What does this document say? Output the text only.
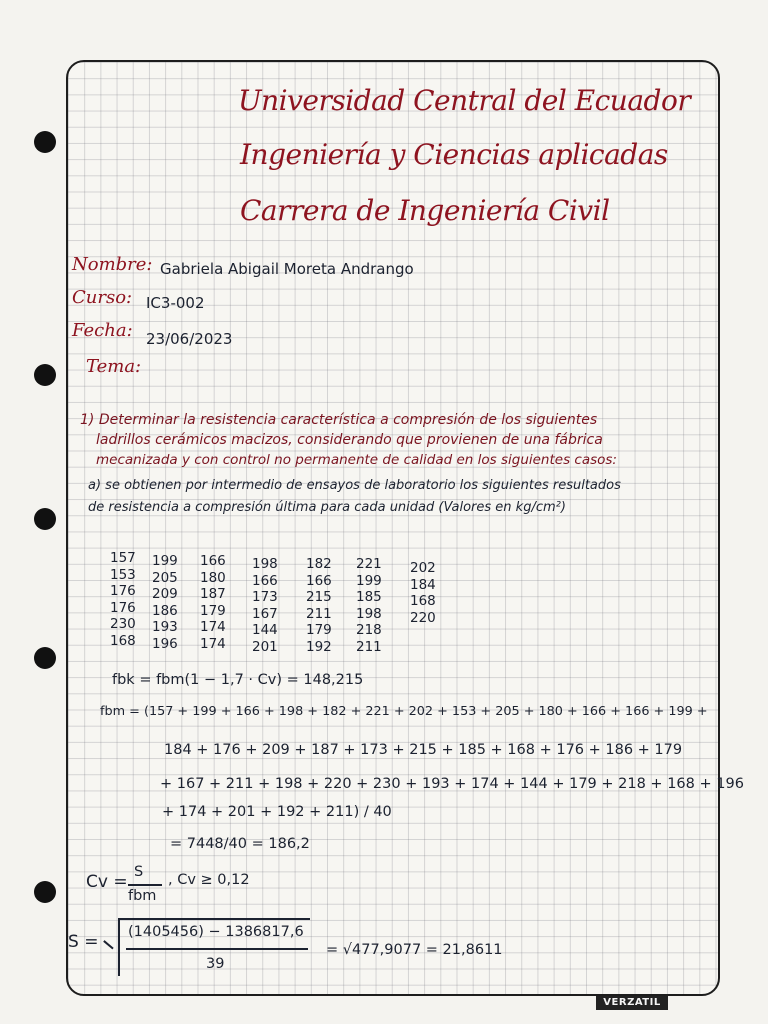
Universidad Central del Ecuador
Ingeniería y Ciencias aplicadas
Carrera de Ingeniería Civil
Nombre: Gabriela Abigail Moreta Andrango
Curso: IC3-002
Fecha: 23/06/2023
Tema:
1) Determinar la resistencia característica a compresión de los siguientes
ladrillos cerámicos macizos, considerando que provienen de una fábrica
mecanizada y con control no permanente de calidad en los siguientes casos:
a) se obtienen por intermedio de ensayos de laboratorio los siguientes resultados
de resistencia a compresión última para cada unidad (Valores en kg/cm²)
157
153
176
176
230
168
199
205
209
186
193
196
166
180
187
179
174
174
198
166
173
167
144
201
182
166
215
211
179
192
221
199
185
198
218
211
202
184
168
220
fbk = fbm(1 − 1,7 · Cv) = 148,215
fbm = (157 + 199 + 166 + 198 + 182 + 221 + 202 + 153 + 205 + 180 + 166 + 166 + 199 +
184 + 176 + 209 + 187 + 173 + 215 + 185 + 168 + 176 + 186 + 179
+ 167 + 211 + 198 + 220 + 230 + 193 + 174 + 144 + 179 + 218 + 168 + 196
+ 174 + 201 + 192 + 211) / 40
= 7448/40 = 186,2
Cv = S
fbm
, Cv ≥ 0,12
S = (1405456) − 1386817,6
39
= √477,9077 = 21,8611
VERZATIL
